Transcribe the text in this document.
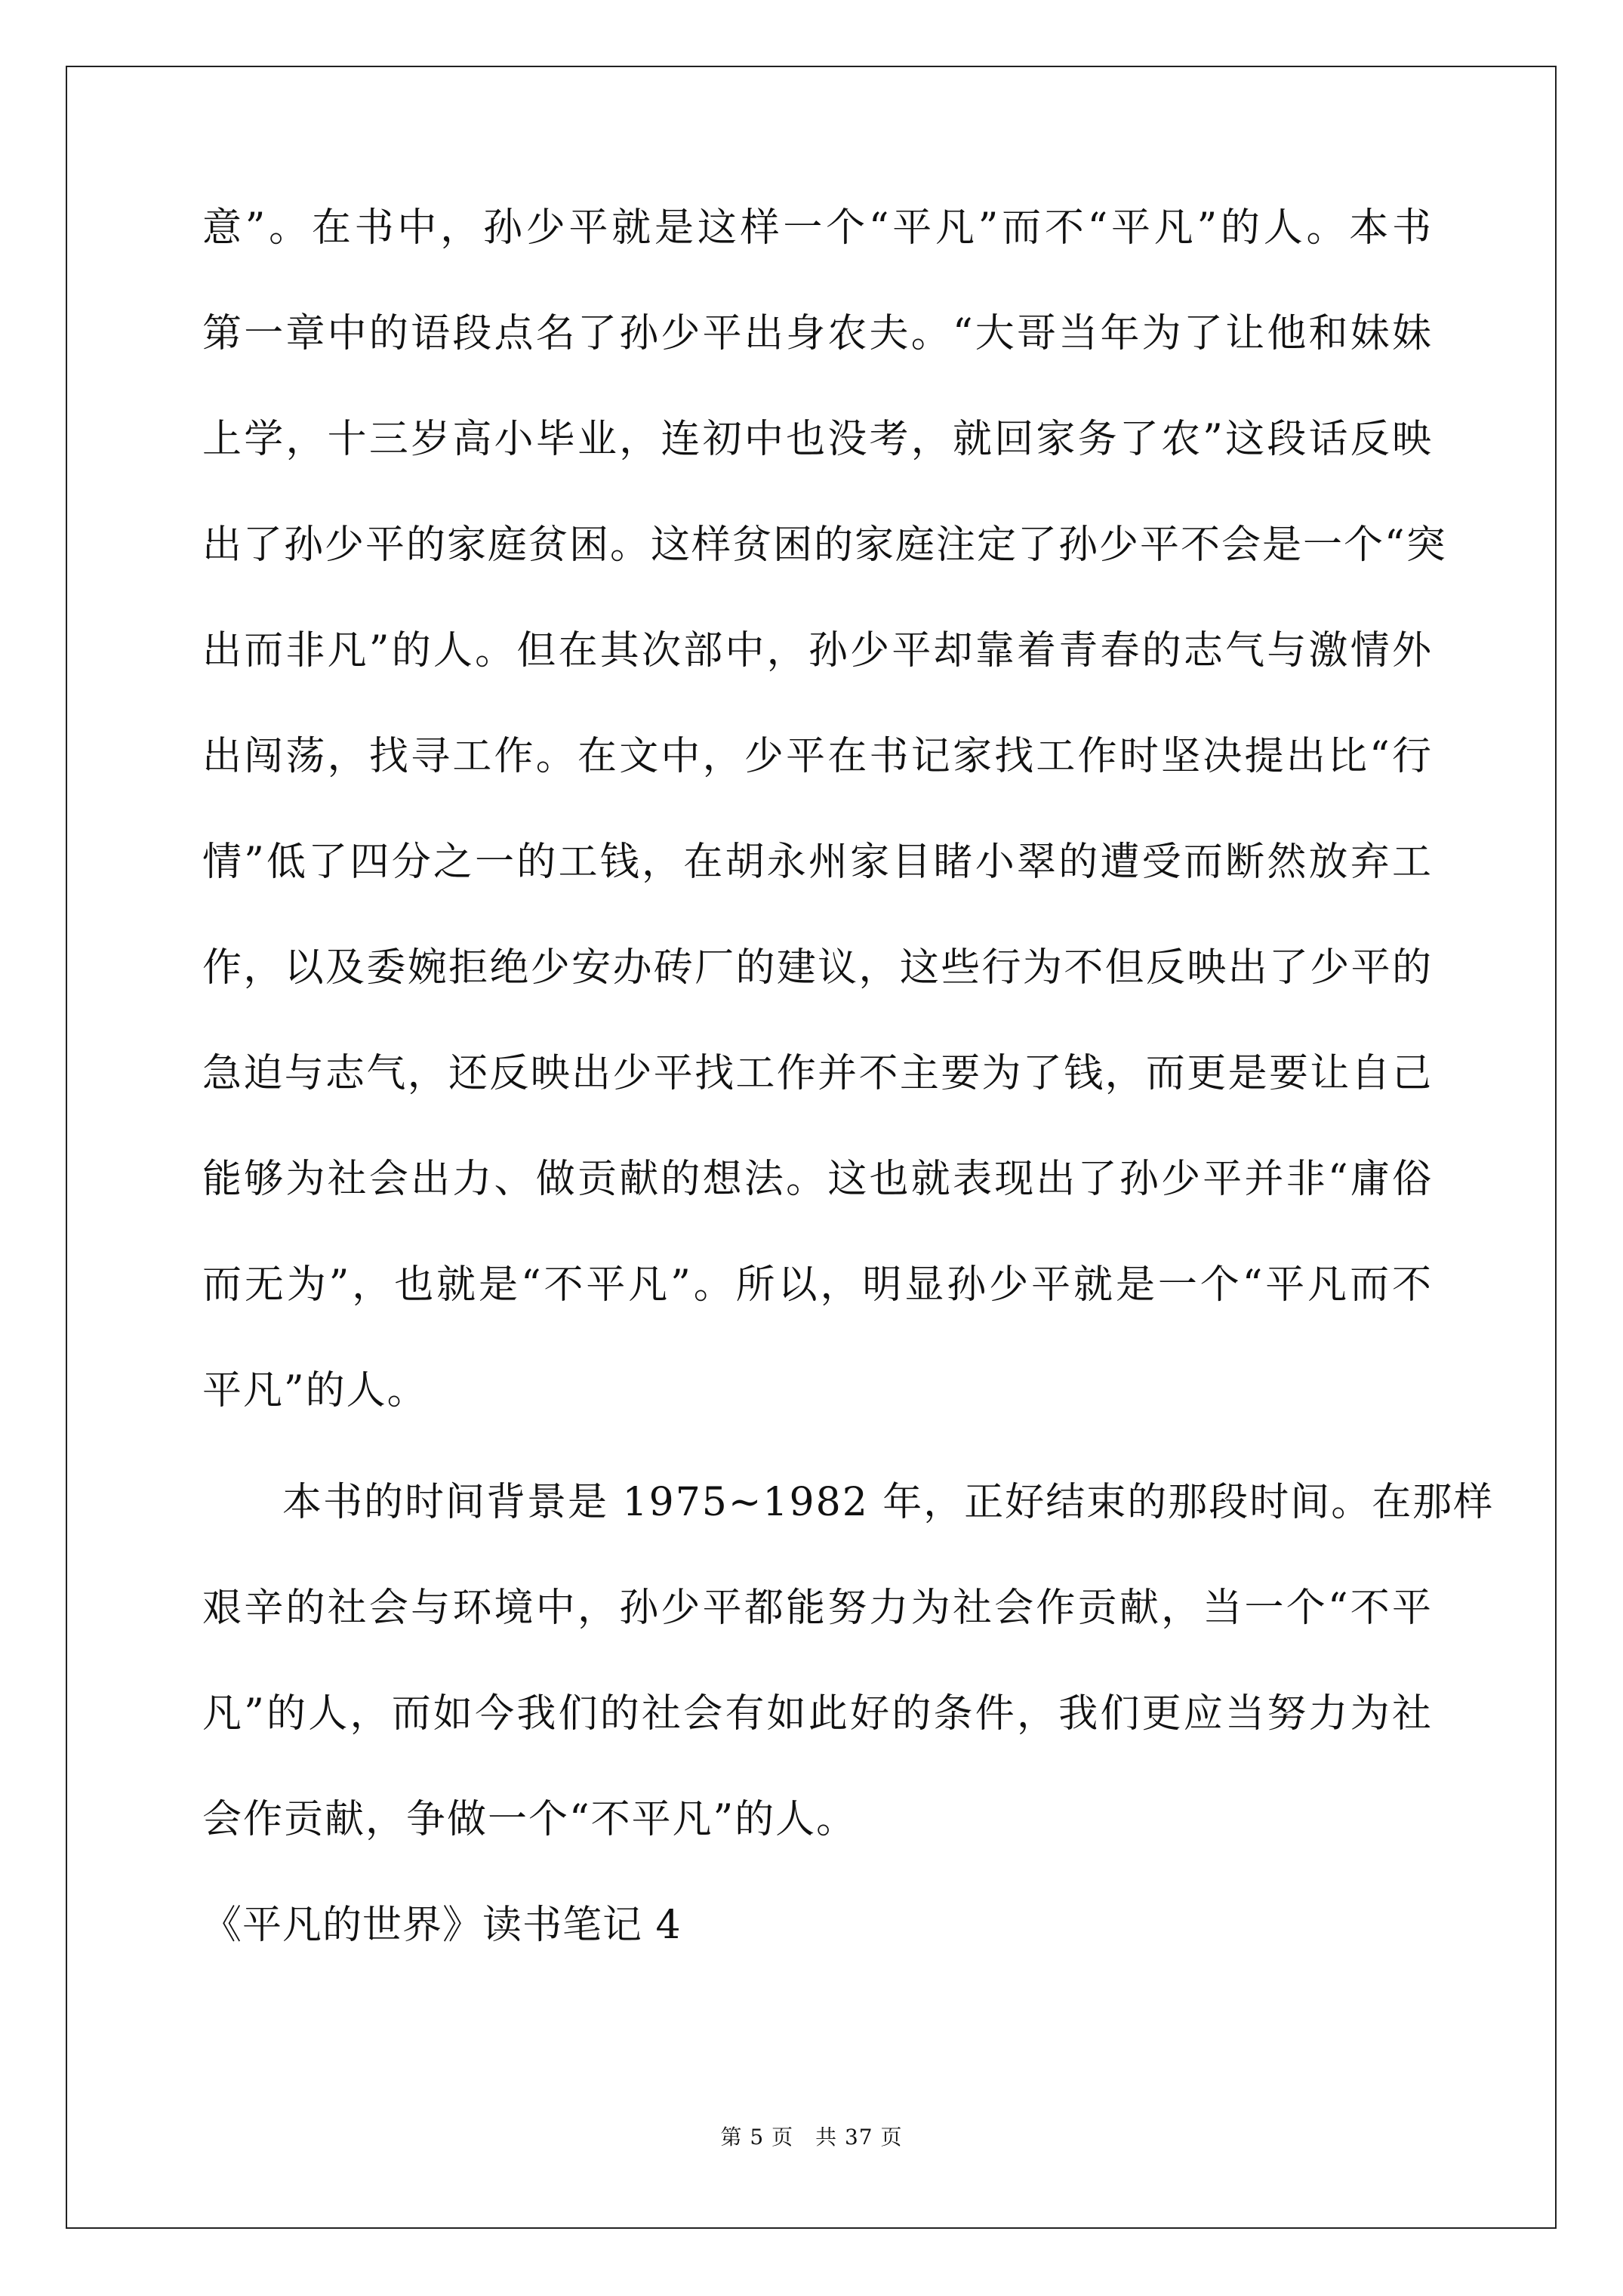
意”。在书中，孙少平就是这样一个“平凡”而不“平凡”的人。本书
第一章中的语段点名了孙少平出身农夫。“大哥当年为了让他和妹妹
上学，十三岁高小毕业，连初中也没考，就回家务了农”这段话反映
出了孙少平的家庭贫困。这样贫困的家庭注定了孙少平不会是一个“突
出而非凡”的人。但在其次部中，孙少平却靠着青春的志气与激情外
出闯荡，找寻工作。在文中，少平在书记家找工作时坚决提出比“行
情”低了四分之一的工钱，在胡永州家目睹小翠的遭受而断然放弃工
作，以及委婉拒绝少安办砖厂的建议，这些行为不但反映出了少平的
急迫与志气，还反映出少平找工作并不主要为了钱，而更是要让自己
能够为社会出力、做贡献的想法。这也就表现出了孙少平并非“庸俗
而无为”，也就是“不平凡”。所以，明显孙少平就是一个“平凡而不
平凡”的人。
本书的时间背景是 1975~1982 年，正好结束的那段时间。在那样
艰辛的社会与环境中，孙少平都能努力为社会作贡献，当一个“不平
凡”的人，而如今我们的社会有如此好的条件，我们更应当努力为社
会作贡献，争做一个“不平凡”的人。
《平凡的世界》读书笔记 4
第 5 页　共 37 页
